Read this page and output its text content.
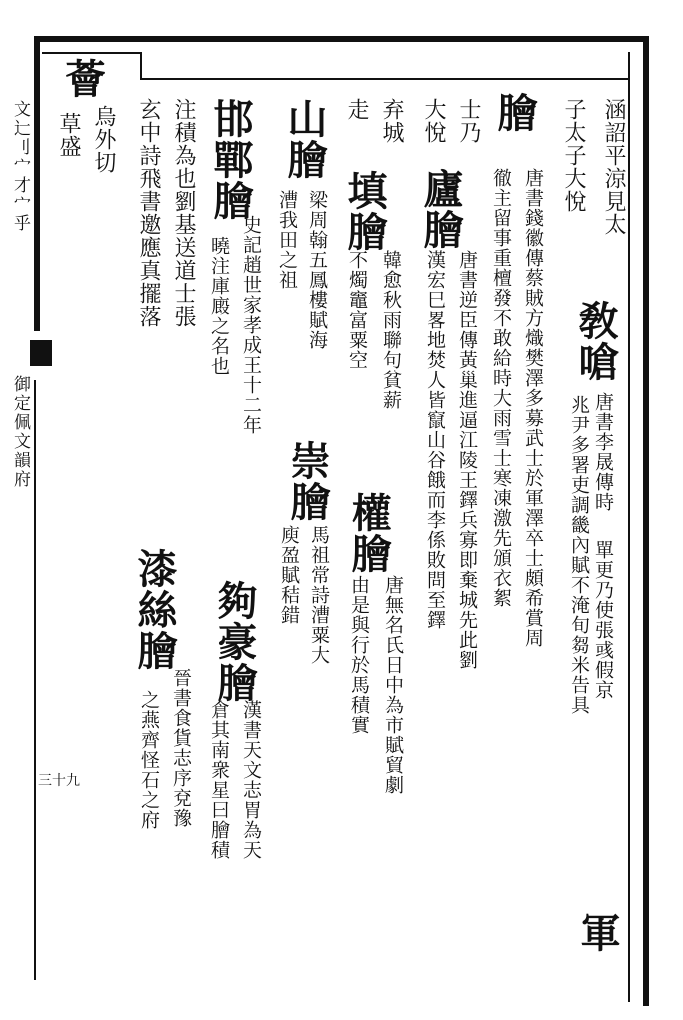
文辷刂宀才宀乎
御定佩文韻府
三十九
涵詔平涼見太
敎嗆
唐書李晟傳時
單更乃使張彧假京
子太子大悅
兆尹多署吏調畿內賦不淹旬芻米告具
軍
膾
唐書錢徽傳蔡賊方熾樊澤多募武士於軍澤卒士頗希賞周
徹主留事重檀發不敢給時大雨雪士寒凍激先頒衣絮
士乃
大悅
廬膾
唐書逆臣傳黃巢進逼江陵王鐸兵寡即棄城先此劉
漢宏巳畧地焚人皆竄山谷餓而李係敗問至鐸
弃城
走
填膾
韓愈秋雨聯句貧薪
不燭竈富粟空
權膾
唐無名氏日中為市賦貿劇
由是與行於馬積實
山膾
梁周翰五鳳樓賦海
漕我田之祖
崇膾
馬祖常詩漕粟大
庾盈賦秸錯
邯鄲膾
史記趙世家孝成王十二年
曉注庫廄之名也
夠豪膾
漢書天文志胃為天
倉其南衆星曰膾積
注積為也劉基送道士張
玄中詩飛書邀應真擺落
漆絲膾
晉書食貨志序兗豫
之燕齊怪石之府
薈
烏外切
草盛
